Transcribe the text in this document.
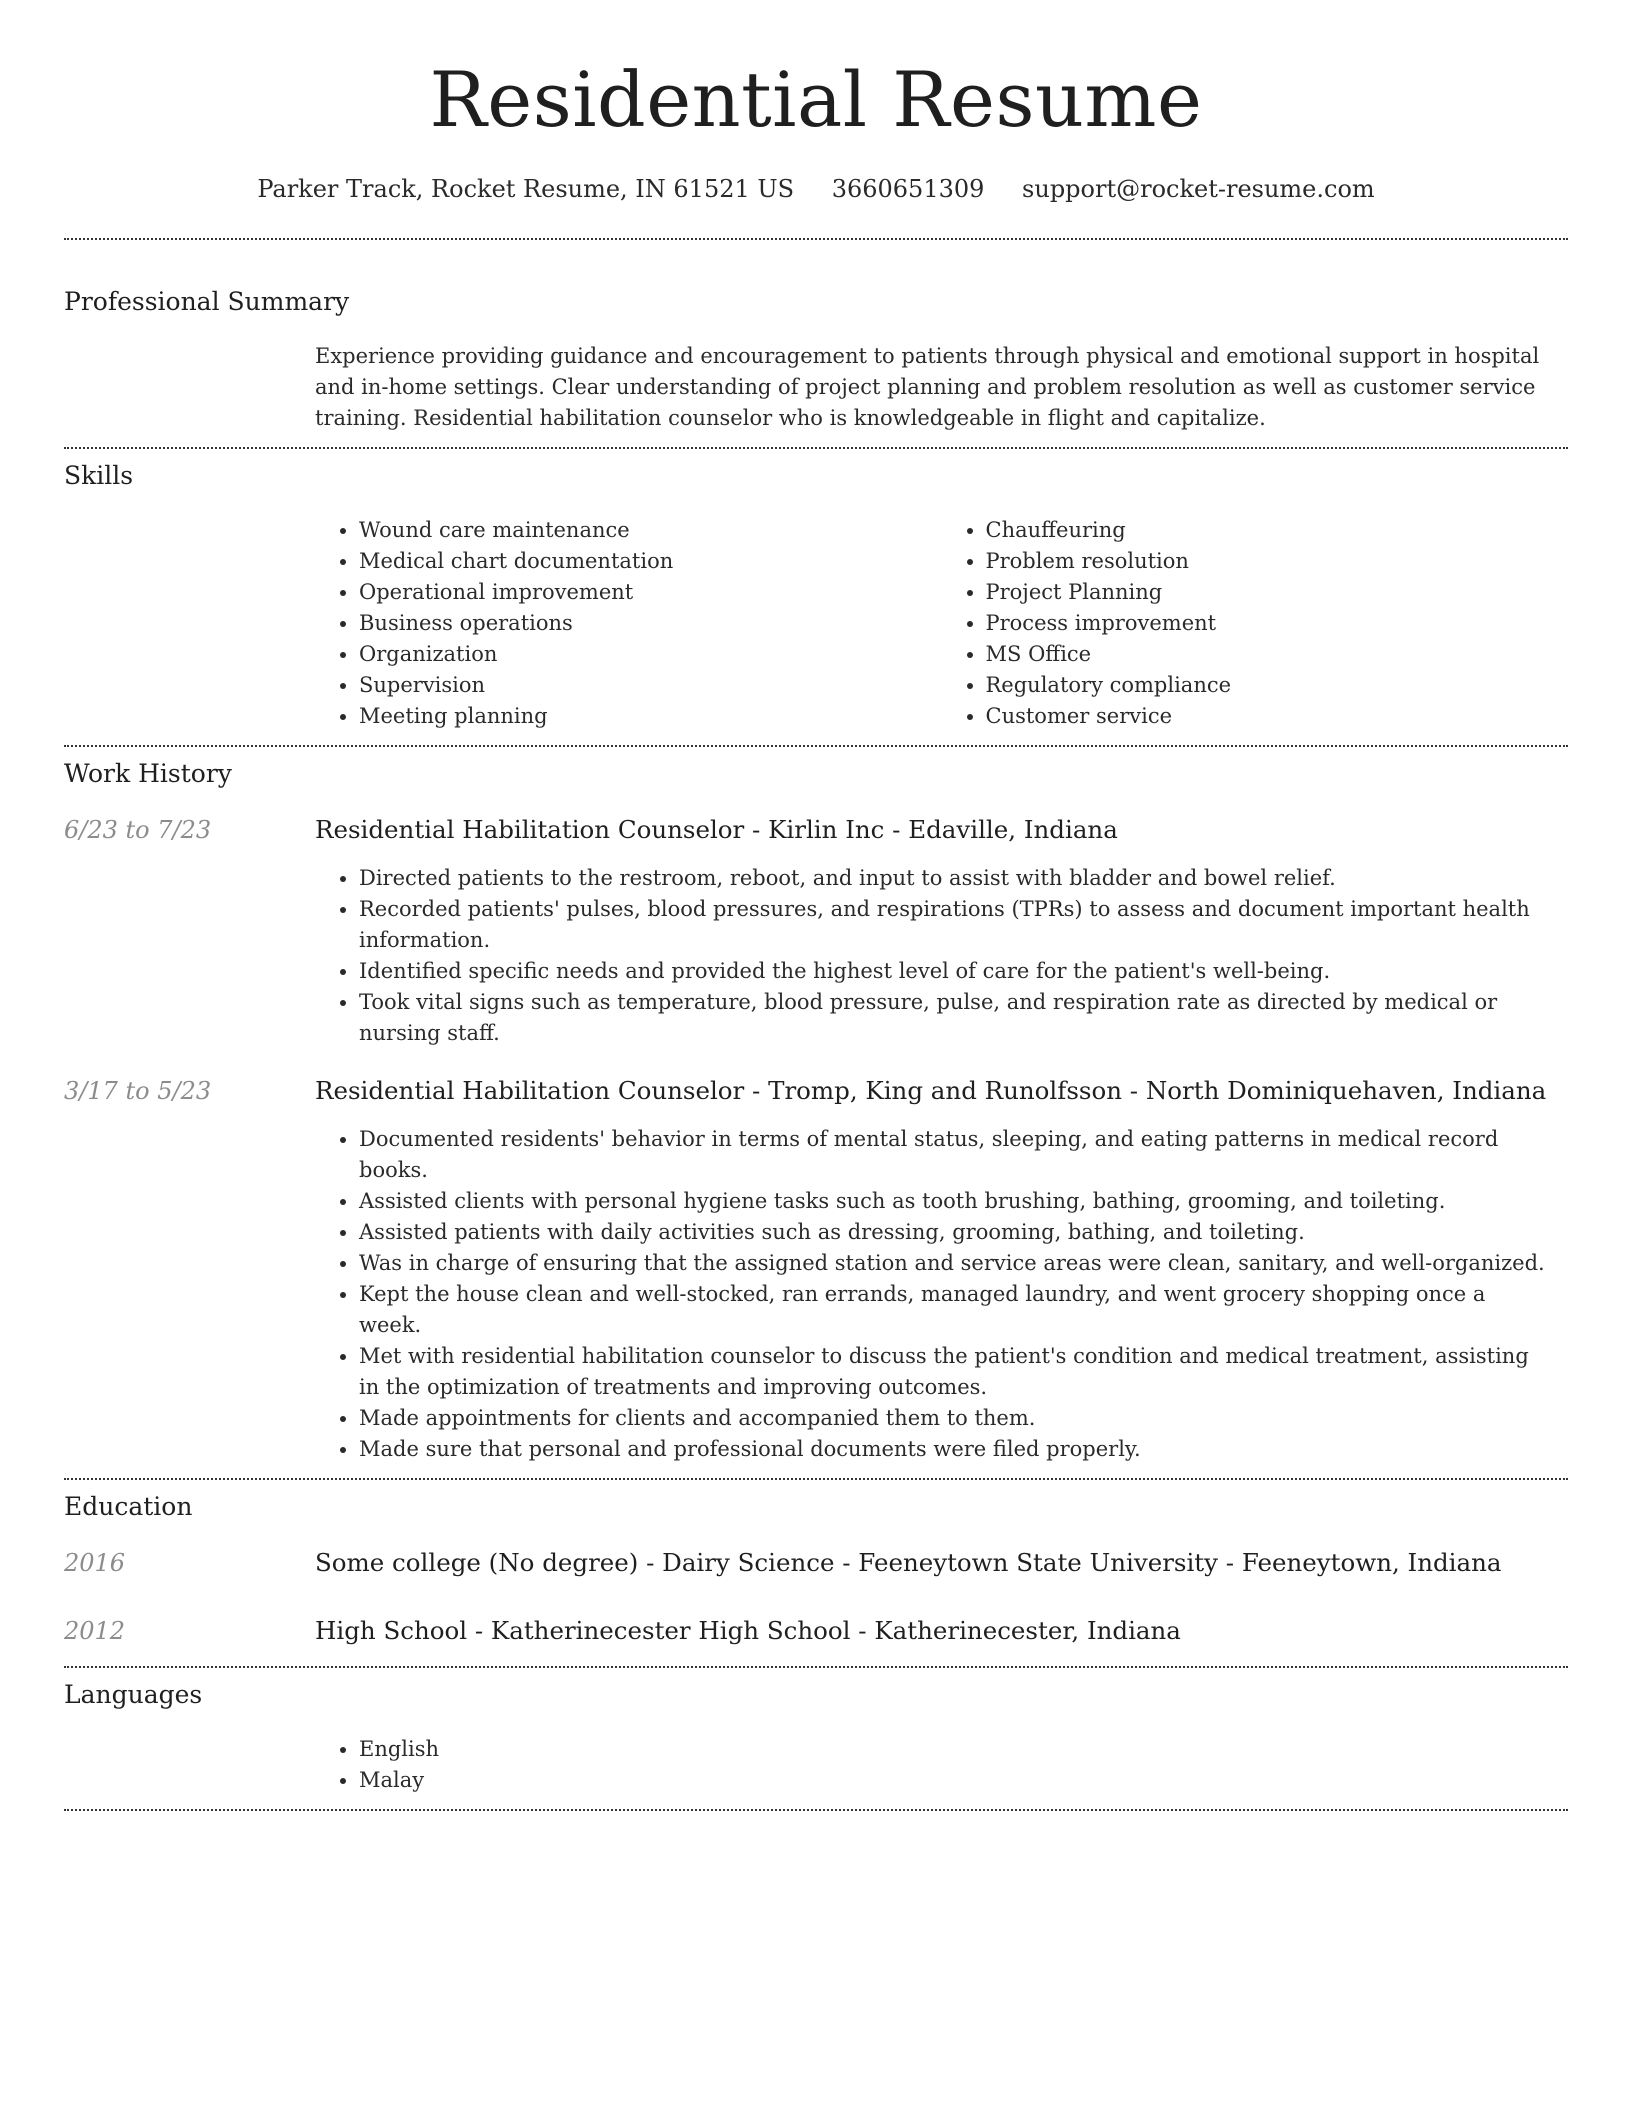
Residential Resume
Parker Track, Rocket Resume, IN 61521 US 3660651309 support@rocket-resume.com
Professional Summary
Experience providing guidance and encouragement to patients through physical and emotional support in hospital and in-home settings. Clear understanding of project planning and problem resolution as well as customer service training. Residential habilitation counselor who is knowledgeable in flight and capitalize.
Skills
• Wound care maintenance
• Medical chart documentation
• Operational improvement
• Business operations
• Organization
• Supervision
• Meeting planning
• Chauffeuring
• Problem resolution
• Project Planning
• Process improvement
• MS Office
• Regulatory compliance
• Customer service
Work History
6/23 to 7/23	Residential Habilitation Counselor - Kirlin Inc - Edaville, Indiana
• Directed patients to the restroom, reboot, and input to assist with bladder and bowel relief.
• Recorded patients' pulses, blood pressures, and respirations (TPRs) to assess and document important health information.
• Identified specific needs and provided the highest level of care for the patient's well-being.
• Took vital signs such as temperature, blood pressure, pulse, and respiration rate as directed by medical or nursing staff.
3/17 to 5/23	Residential Habilitation Counselor - Tromp, King and Runolfsson - North Dominiquehaven, Indiana
• Documented residents' behavior in terms of mental status, sleeping, and eating patterns in medical record books.
• Assisted clients with personal hygiene tasks such as tooth brushing, bathing, grooming, and toileting.
• Assisted patients with daily activities such as dressing, grooming, bathing, and toileting.
• Was in charge of ensuring that the assigned station and service areas were clean, sanitary, and well-organized.
• Kept the house clean and well-stocked, ran errands, managed laundry, and went grocery shopping once a week.
• Met with residential habilitation counselor to discuss the patient's condition and medical treatment, assisting in the optimization of treatments and improving outcomes.
• Made appointments for clients and accompanied them to them.
• Made sure that personal and professional documents were filed properly.
Education
2016	Some college (No degree) - Dairy Science - Feeneytown State University - Feeneytown, Indiana
2012	High School - Katherinecester High School - Katherinecester, Indiana
Languages
• English
• Malay
